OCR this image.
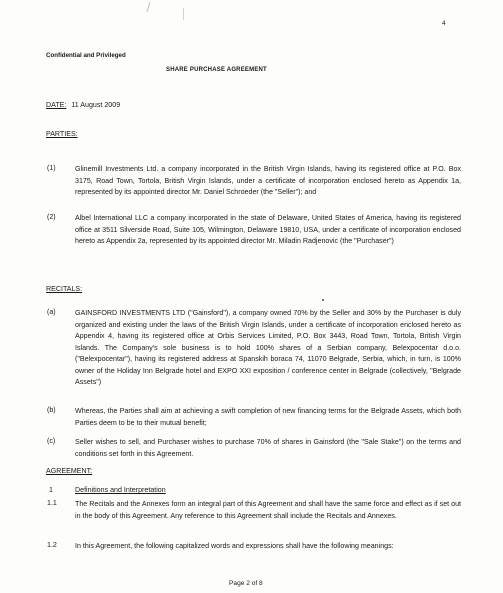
4
Confidential and Privileged
SHARE PURCHASE AGREEMENT
DATE: 11 August 2009
PARTIES:
(1)	Glinemill Investments Ltd. a company incorporated in the British Virgin Islands, having its registered office at P.O. Box 3175, Road Town, Tortola, British Virgin Islands, under a certificate of incorporation enclosed hereto as Appendix 1a, represented by its appointed director Mr. Daniel Schroeder (the "Seller"); and

(2)	Albel International LLC a company incorporated in the state of Delaware, United States of America, having its registered office at 3511 Silverside Road, Suite 105, Wilmington, Delaware 19810, USA, under a certificate of incorporation enclosed hereto as Appendix 2a, represented by its appointed director Mr. Miladin Radjenovic (the "Purchaser")

RECITALS:
(a)	GAINSFORD INVESTMENTS LTD ("Gainsford"), a company owned 70% by the Seller and 30% by the Purchaser is duly organized and existing under the laws of the British Virgin Islands, under a certificate of incorporation enclosed hereto as Appendix 4, having its registered office at Orbis Services Limited, P.O. Box 3443, Road Town, Tortola, British Virgin Islands. The Company's sole business is to hold 100% shares of a Serbian company, Belexpocentar d.o.o. ("Belexpocentar"), having its registered address at Spanskih boraca 74, 11070 Belgrade, Serbia, which, in turn, is 100% owner of the Holiday Inn Belgrade hotel and EXPO XXI exposition / conference center in Belgrade (collectively, "Belgrade Assets")

(b)	Whereas, the Parties shall aim at achieving a swift completion of new financing terms for the Belgrade Assets, which both Parties deem to be to their mutual benefit;

(c)	Seller wishes to sell, and Purchaser wishes to purchase 70% of shares in Gainsford (the "Sale Stake") on the terms and conditions set forth in this Agreement.

AGREEMENT:
1	Definitions and Interpretation
1.1	The Recitals and the Annexes form an integral part of this Agreement and shall have the same force and effect as if set out in the body of this Agreement. Any reference to this Agreement shall include the Recitals and Annexes.

1.2	In this Agreement, the following capitalized words and expressions shall have the following meanings:

Page 2 of 8
